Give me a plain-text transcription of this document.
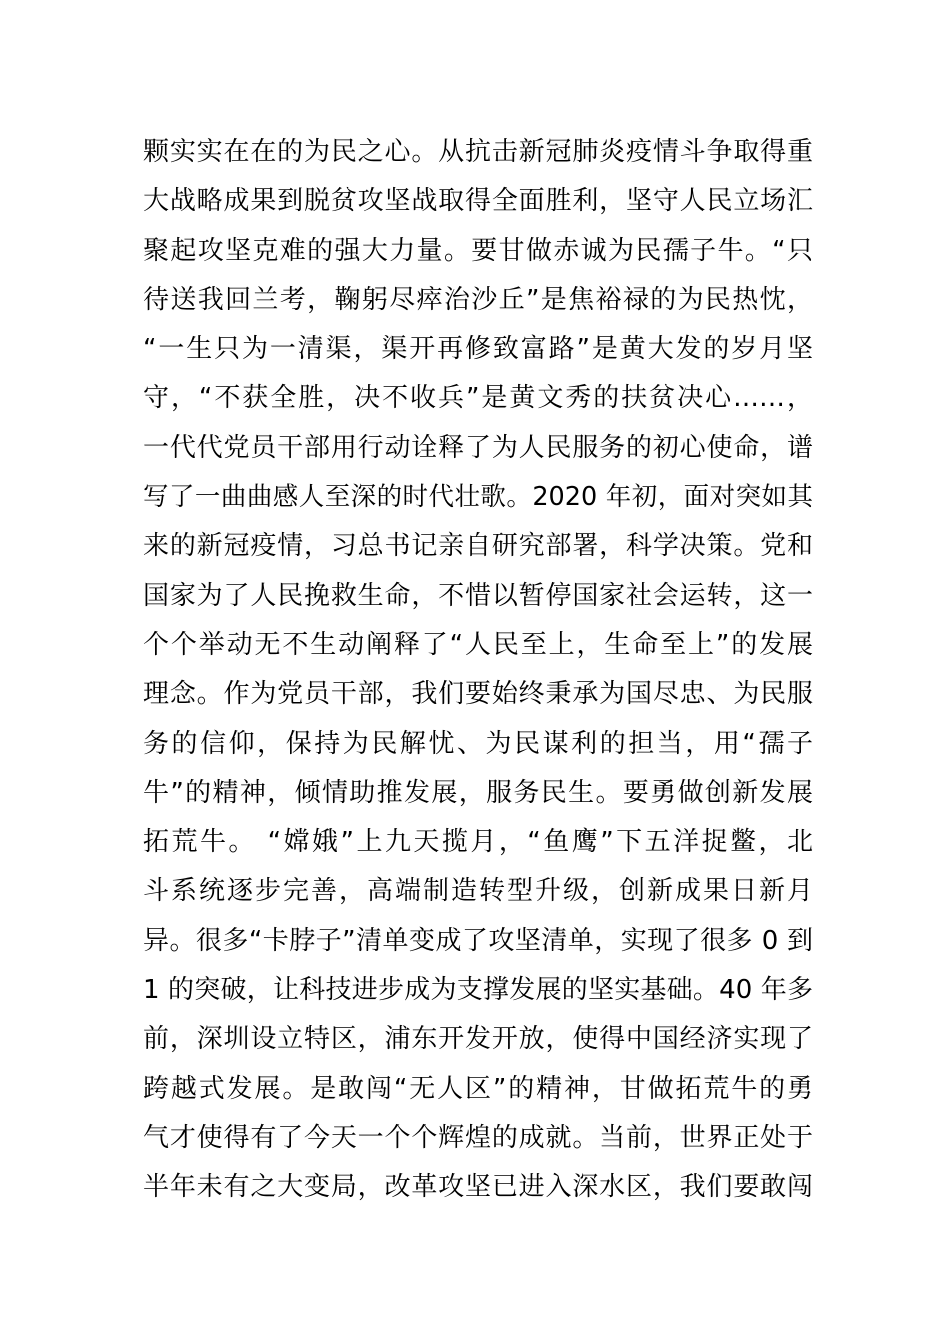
颗实实在在的为民之心。从抗击新冠肺炎疫情斗争取得重
大战略成果到脱贫攻坚战取得全面胜利，坚守人民立场汇
聚起攻坚克难的强大力量。要甘做赤诚为民孺子牛。“只
待送我回兰考，鞠躬尽瘁治沙丘”是焦裕禄的为民热忱，
“一生只为一清渠，渠开再修致富路”是黄大发的岁月坚
守，“不获全胜，决不收兵”是黄文秀的扶贫决心……，
一代代党员干部用行动诠释了为人民服务的初心使命，谱
写了一曲曲感人至深的时代壮歌。2020 年初，面对突如其
来的新冠疫情，习总书记亲自研究部署，科学决策。党和
国家为了人民挽救生命，不惜以暂停国家社会运转，这一
个个举动无不生动阐释了“人民至上，生命至上”的发展
理念。作为党员干部，我们要始终秉承为国尽忠、为民服
务的信仰，保持为民解忧、为民谋利的担当，用“孺子
牛”的精神，倾情助推发展，服务民生。要勇做创新发展
拓荒牛。 “嫦娥”上九天揽月，“鱼鹰”下五洋捉鳖，北
斗系统逐步完善，高端制造转型升级，创新成果日新月
异。很多“卡脖子”清单变成了攻坚清单，实现了很多 0 到
1 的突破，让科技进步成为支撑发展的坚实基础。40 年多
前，深圳设立特区，浦东开发开放，使得中国经济实现了
跨越式发展。是敢闯“无人区”的精神，甘做拓荒牛的勇
气才使得有了今天一个个辉煌的成就。当前，世界正处于
半年未有之大变局，改革攻坚已进入深水区，我们要敢闯
